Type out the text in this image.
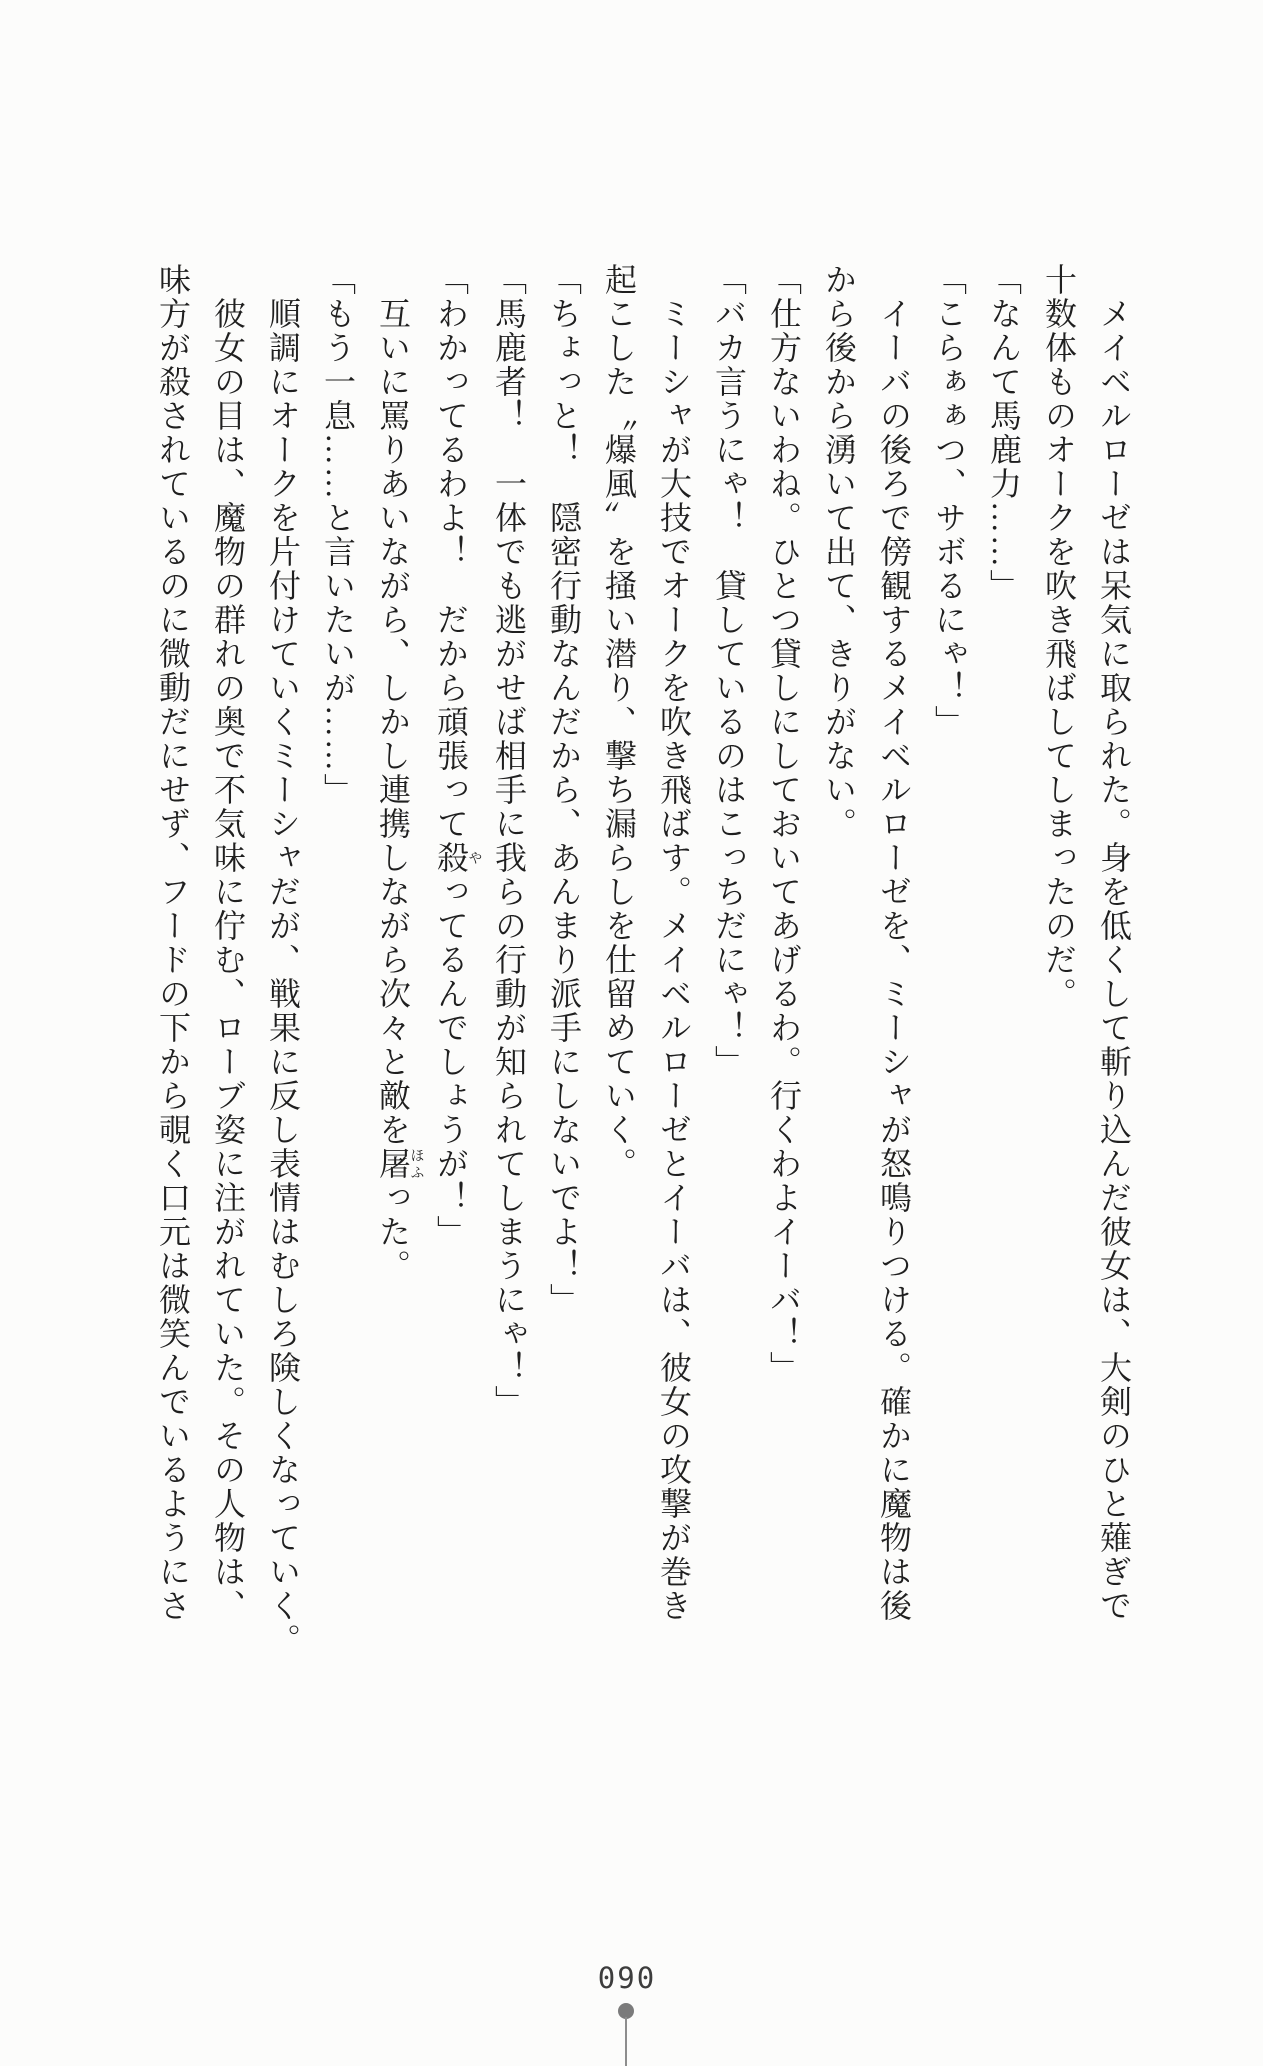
　メイベルローゼは呆気に取られた。身を低くして斬り込んだ彼女は、大剣のひと薙ぎで
十数体ものオークを吹き飛ばしてしまったのだ。
「なんて馬鹿力……」
「こらぁぁつ、サボるにゃ！」
　イーバの後ろで傍観するメイベルローゼを、ミーシャが怒鳴りつける。確かに魔物は後
から後から湧いて出て、きりがない。
「仕方ないわね。ひとつ貸しにしておいてあげるわ。行くわよイーバ！」
「バカ言うにゃ！　貸しているのはこっちだにゃ！」
　ミーシャが大技でオークを吹き飛ばす。メイベルローゼとイーバは、彼女の攻撃が巻き
起こした〝爆風〟を掻い潜り、撃ち漏らしを仕留めていく。
「ちょっと！　隠密行動なんだから、あんまり派手にしないでよ！」
「馬鹿者！　一体でも逃がせば相手に我らの行動が知られてしまうにゃ！」
「わかってるわよ！　だから頑張って殺やってるんでしょうが！」
　互いに罵りあいながら、しかし連携しながら次々と敵を屠ほふった。
「もう一息……と言いたいが……」
　順調にオークを片付けていくミーシャだが、戦果に反し表情はむしろ険しくなっていく。
　彼女の目は、魔物の群れの奥で不気味に佇む、ローブ姿に注がれていた。その人物は、
味方が殺されているのに微動だにせず、フードの下から覗く口元は微笑んでいるようにさ
090
